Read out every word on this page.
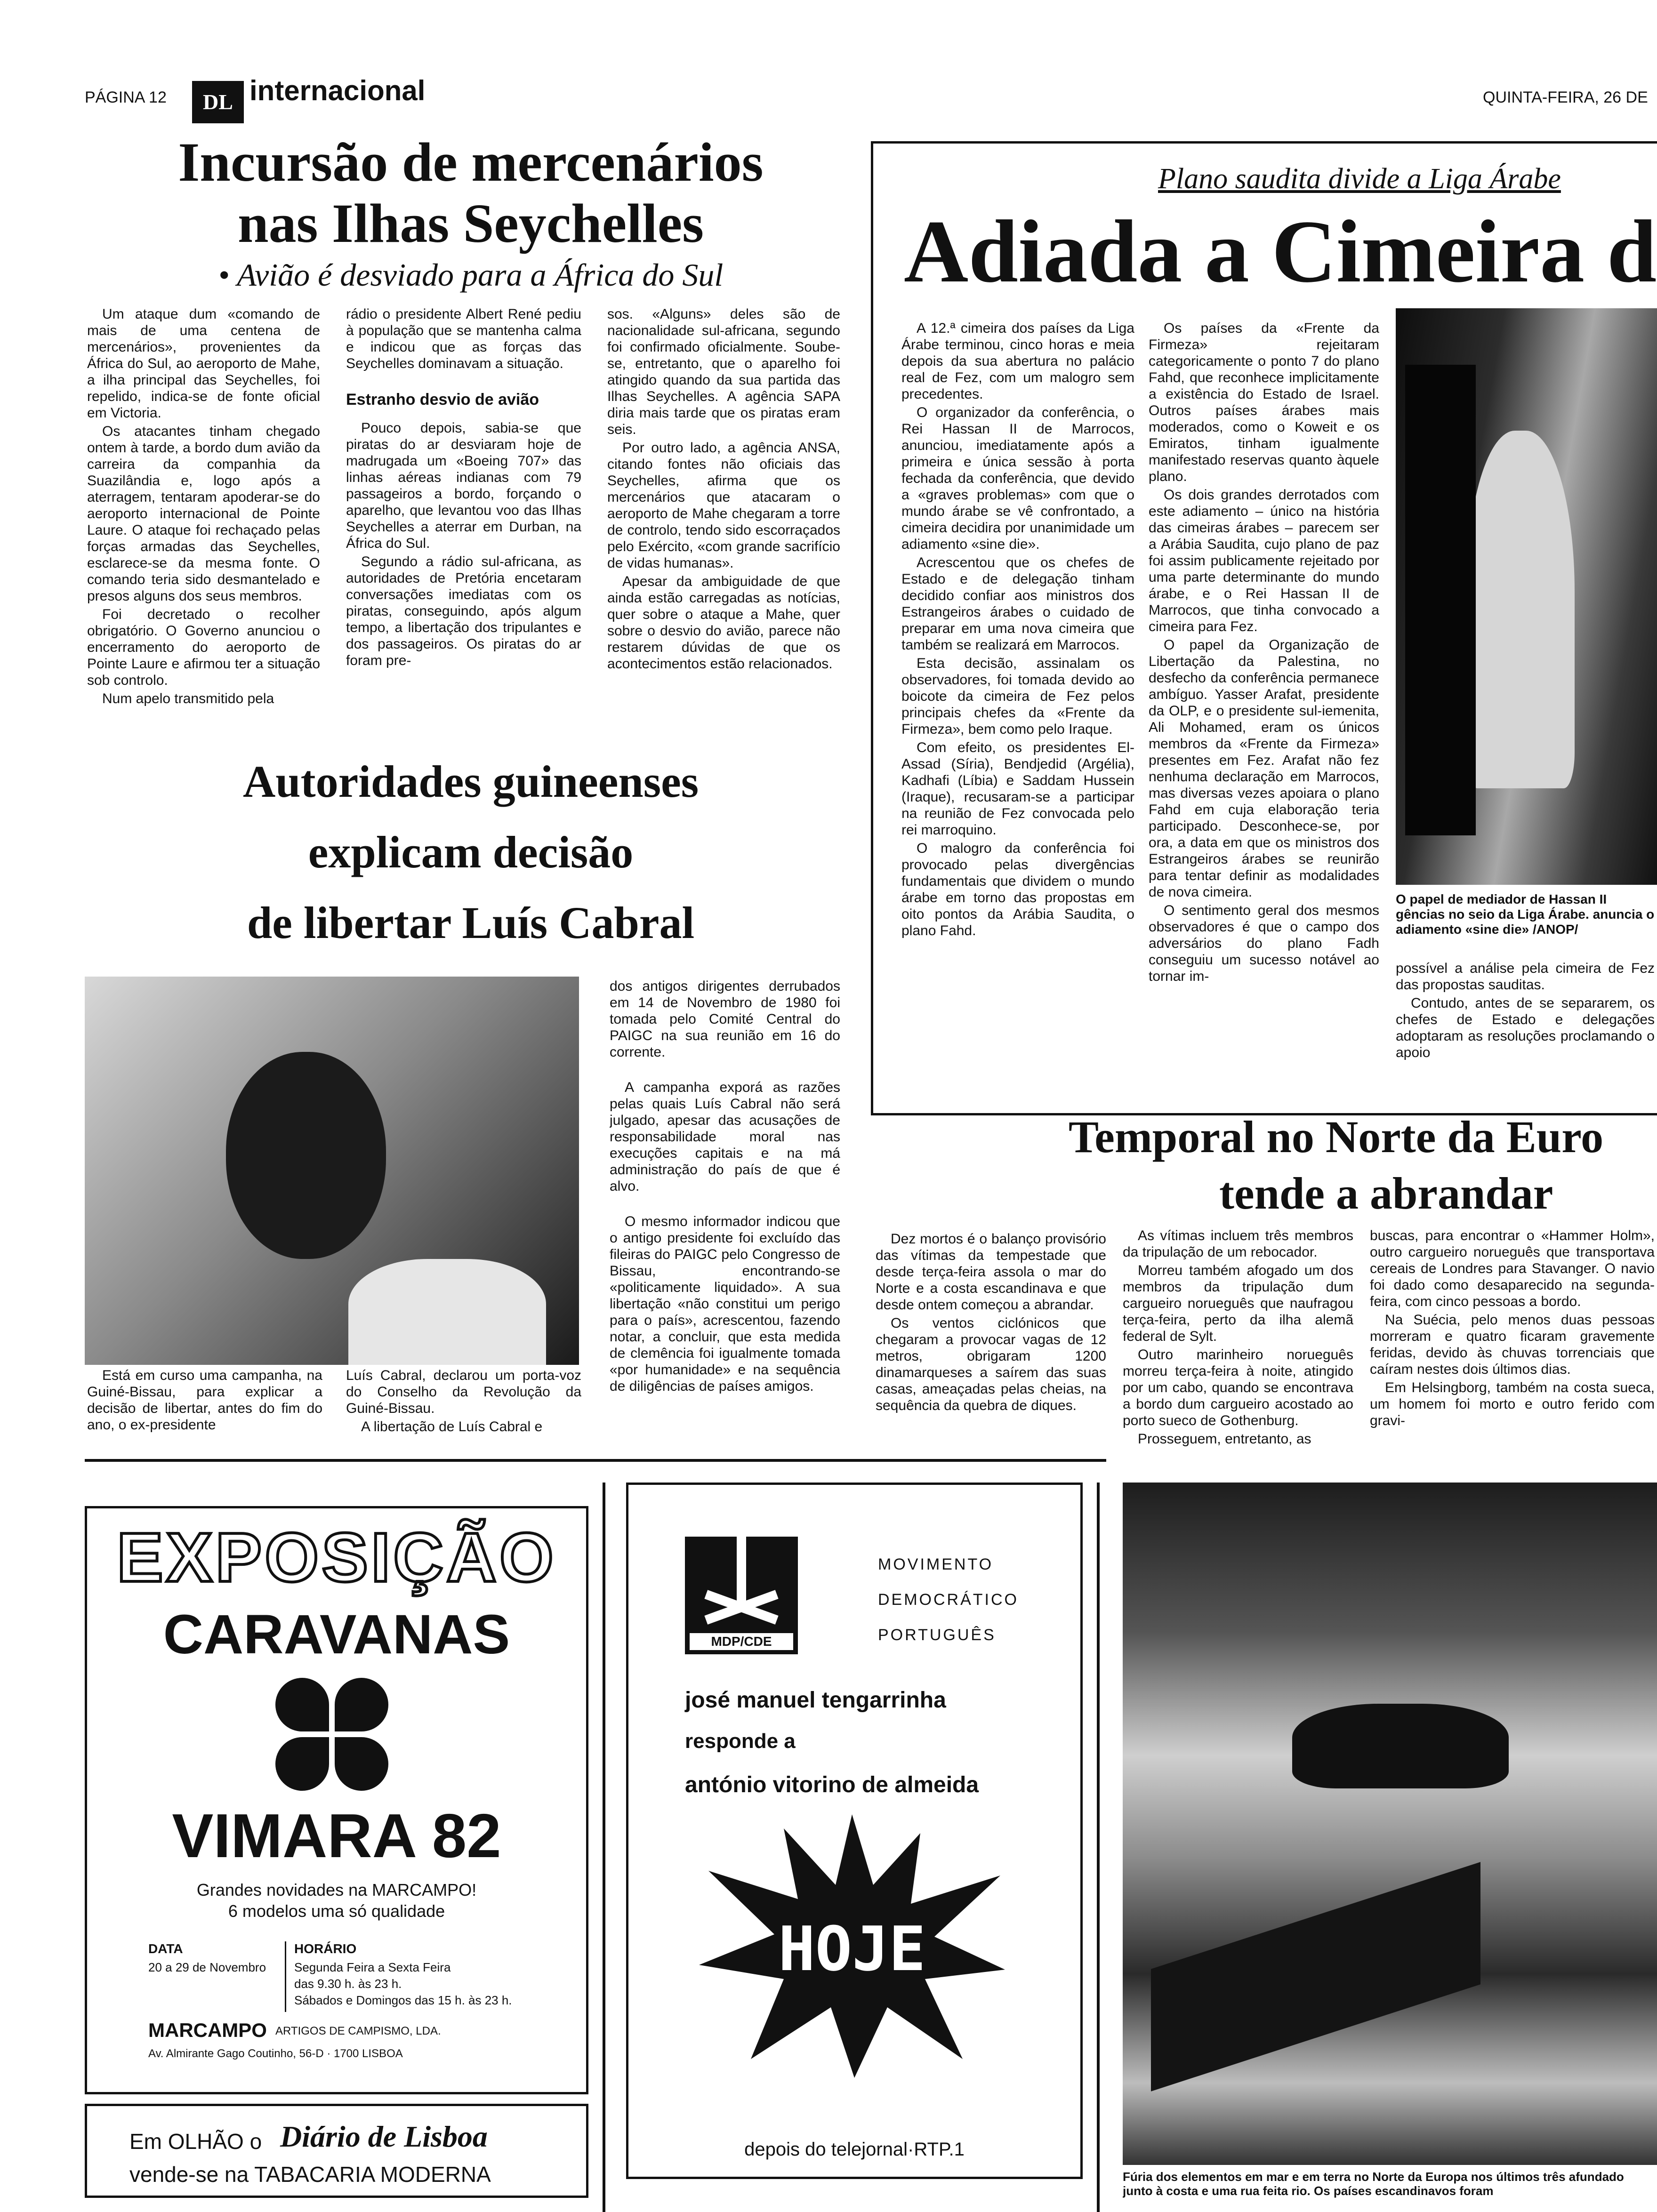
PÁGINA 12	DL internacional	QUINTA-FEIRA, 26 DE
Incursão de mercenários
nas Ilhas Seychelles
• Avião é desviado para a África do Sul

Um ataque dum «comando de mais de uma centena de mercenários», provenientes da África do Sul, ao aeroporto de Mahe, a ilha principal das Seychelles, foi repelido, indica-se de fonte oficial em Victoria.

Os atacantes tinham chegado ontem à tarde, a bordo dum avião da carreira da companhia da Suazilândia e, logo após a aterragem, tentaram apoderar-se do aeroporto internacional de Pointe Laure. O ataque foi rechaçado pelas forças armadas das Seychelles, esclarece-se da mesma fonte. O comando teria sido desmantelado e presos alguns dos seus membros.

Foi decretado o recolher obrigatório. O Governo anunciou o encerramento do aeroporto de Pointe Laure e afirmou ter a situação sob controlo.

Num apelo transmitido pela

rádio o presidente Albert René pediu à população que se mantenha calma e indicou que as forças das Seychelles dominavam a situação.

Estranho desvio de avião

Pouco depois, sabia-se que piratas do ar desviaram hoje de madrugada um «Boeing 707» das linhas aéreas indianas com 79 passageiros a bordo, forçando o aparelho, que levantou voo das Ilhas Seychelles a aterrar em Durban, na África do Sul.

Segundo a rádio sul-africana, as autoridades de Pretória encetaram conversações imediatas com os piratas, conseguindo, após algum tempo, a libertação dos tripulantes e dos passageiros. Os piratas do ar foram pre-

sos. «Alguns» deles são de nacionalidade sul-africana, segundo foi confirmado oficialmente. Soube-se, entretanto, que o aparelho foi atingido quando da sua partida das Ilhas Seychelles. A agência SAPA diria mais tarde que os piratas eram seis.

Por outro lado, a agência ANSA, citando fontes não oficiais das Seychelles, afirma que os mercenários que atacaram o aeroporto de Mahe chegaram a torre de controlo, tendo sido escorraçados pelo Exército, «com grande sacrifício de vidas humanas».

Apesar da ambiguidade de que ainda estão carregadas as notícias, quer sobre o ataque a Mahe, quer sobre o desvio do avião, parece não restarem dúvidas de que os acontecimentos estão relacionados.

Autoridades guineenses
explicam decisão
de libertar Luís Cabral

Está em curso uma campanha, na Guiné-Bissau, para explicar a decisão de libertar, antes do fim do ano, o ex-presidente

Luís Cabral, declarou um porta-voz do Conselho da Revolução da Guiné-Bissau.

A libertação de Luís Cabral e

dos antigos dirigentes derrubados em 14 de Novembro de 1980 foi tomada pelo Comité Central do PAIGC na sua reunião em 16 do corrente.

A campanha exporá as razões pelas quais Luís Cabral não será julgado, apesar das acusações de responsabilidade moral nas execuções capitais e na má administração do país de que é alvo.

O mesmo informador indicou que o antigo presidente foi excluído das fileiras do PAIGC pelo Congresso de Bissau, encontrando-se «politicamente liquidado». A sua libertação «não constitui um perigo para o país», acrescentou, fazendo notar, a concluir, que esta medida de clemência foi igualmente tomada «por humanidade» e na sequência de diligências de países amigos.

Plano saudita divide a Liga Árabe
Adiada a Cimeira d

A 12.ª cimeira dos países da Liga Árabe terminou, cinco horas e meia depois da sua abertura no palácio real de Fez, com um malogro sem precedentes.

O organizador da conferência, o Rei Hassan II de Marrocos, anunciou, imediatamente após a primeira e única sessão à porta fechada da conferência, que devido a «graves problemas» com que o mundo árabe se vê confrontado, a cimeira decidira por unanimidade um adiamento «sine die».

Acrescentou que os chefes de Estado e de delegação tinham decidido confiar aos ministros dos Estrangeiros árabes o cuidado de preparar em uma nova cimeira que também se realizará em Marrocos.

Esta decisão, assinalam os observadores, foi tomada devido ao boicote da cimeira de Fez pelos principais chefes da «Frente da Firmeza», bem como pelo Iraque.

Com efeito, os presidentes El-Assad (Síria), Bendjedid (Argélia), Kadhafi (Líbia) e Saddam Hussein (Iraque), recusaram-se a participar na reunião de Fez convocada pelo rei marroquino.

O malogro da conferência foi provocado pelas divergências fundamentais que dividem o mundo árabe em torno das propostas em oito pontos da Arábia Saudita, o plano Fahd.

Os países da «Frente da Firmeza» rejeitaram categoricamente o ponto 7 do plano Fahd, que reconhece implicitamente a existência do Estado de Israel. Outros países árabes mais moderados, como o Koweit e os Emiratos, tinham igualmente manifestado reservas quanto àquele plano.

Os dois grandes derrotados com este adiamento – único na história das cimeiras árabes – parecem ser a Arábia Saudita, cujo plano de paz foi assim publicamente rejeitado por uma parte determinante do mundo árabe, e o Rei Hassan II de Marrocos, que tinha convocado a cimeira para Fez.

O papel da Organização de Libertação da Palestina, no desfecho da conferência permanece ambíguo. Yasser Arafat, presidente da OLP, e o presidente sul-iemenita, Ali Mohamed, eram os únicos membros da «Frente da Firmeza» presentes em Fez. Arafat não fez nenhuma declaração em Marrocos, mas diversas vezes apoiara o plano Fahd em cuja elaboração teria participado. Desconhece-se, por ora, a data em que os ministros dos Estrangeiros árabes se reunirão para tentar definir as modalidades de nova cimeira.

O sentimento geral dos mesmos observadores é que o campo dos adversários do plano Fadh conseguiu um sucesso notável ao tornar im-

O papel de mediador de Hassan II gências no seio da Liga Árabe. anuncia o adiamento «sine die» /ANOP/

possível a análise pela cimeira de Fez das propostas sauditas.

Contudo, antes de se separarem, os chefes de Estado e delegações adoptaram as resoluções proclamando o apoio

Temporal no Norte da Euro
tende a abrandar

Dez mortos é o balanço provisório das vítimas da tempestade que desde terça-feira assola o mar do Norte e a costa escandinava e que desde ontem começou a abrandar.

Os ventos ciclónicos que chegaram a provocar vagas de 12 metros, obrigaram 1200 dinamarqueses a saírem das suas casas, ameaçadas pelas cheias, na sequência da quebra de diques.

As vítimas incluem três membros da tripulação de um rebocador.

Morreu também afogado um dos membros da tripulação dum cargueiro norueguês que naufragou terça-feira, perto da ilha alemã federal de Sylt.

Outro marinheiro norueguês morreu terça-feira à noite, atingido por um cabo, quando se encontrava a bordo dum cargueiro acostado ao porto sueco de Gothenburg.

Prosseguem, entretanto, as

buscas, para encontrar o «Hammer Holm», outro cargueiro norueguês que transportava cereais de Londres para Stavanger. O navio foi dado como desaparecido na segunda-feira, com cinco pessoas a bordo.

Na Suécia, pelo menos duas pessoas morreram e quatro ficaram gravemente feridas, devido às chuvas torrenciais que caíram nestes dois últimos dias.

Em Helsingborg, também na costa sueca, um homem foi morto e outro ferido com gravi-

Fúria dos elementos em mar e em terra no Norte da Europa nos últimos três afundado junto à costa e uma rua feita rio. Os países escandinavos foram
EXPOSIÇÃO
CARAVANAS
VIMARA 82
Grandes novidades na MARCAMPO!
6 modelos uma só qualidade
DATA
20 a 29 de Novembro
HORÁRIO
Segunda Feira a Sexta Feira
das 9.30 h. às 23 h.
Sábados e Domingos das 15 h. às 23 h.
MARCAMPO ARTIGOS DE CAMPISMO, LDA.
Av. Almirante Gago Coutinho, 56-D · 1700 LISBOA
Em OLHÃO o Diário de Lisboa
vende-se na TABACARIA MODERNA
MDP/CDE
MOVIMENTO
DEMOCRÁTICO
PORTUGUÊS
josé manuel tengarrinha
responde a
antónio vitorino de almeida
HOJE
depois do telejornal·RTP.1
